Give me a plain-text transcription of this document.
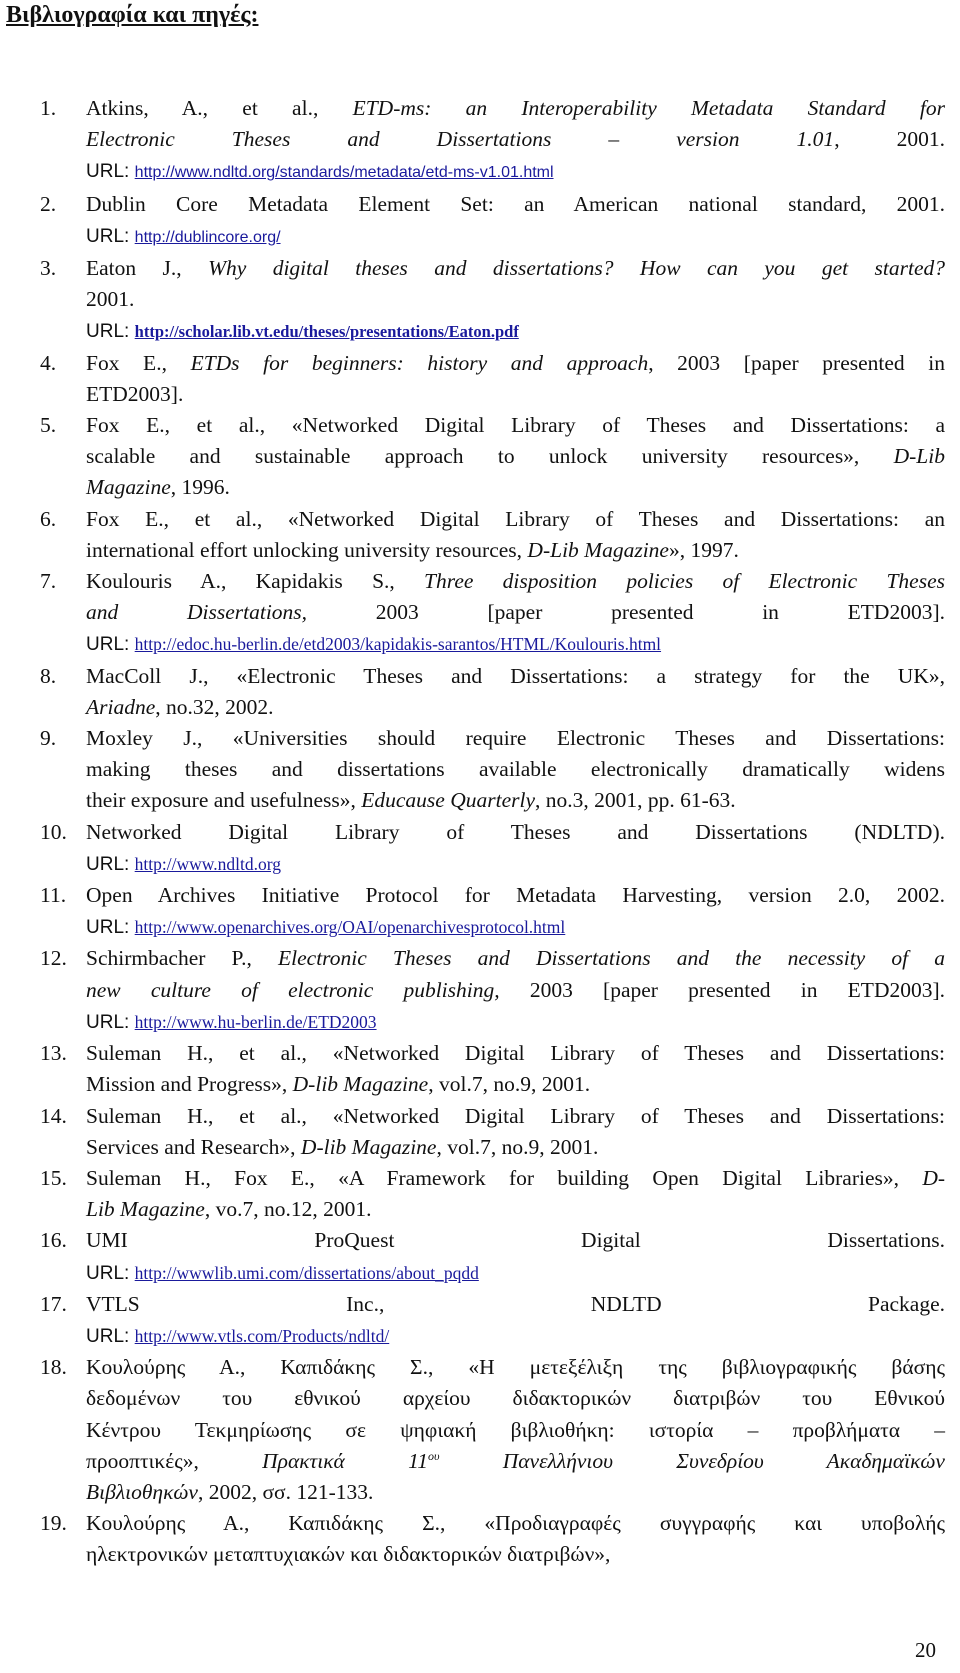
Βιβλιογραφία και πηγές:
1.	Atkins, A., et al., ETD-ms: an Interoperability Metadata Standard for
Electronic Theses and Dissertations – version 1.01, 2001.
URL: http://www.ndltd.org/standards/metadata/etd-ms-v1.01.html
2.	Dublin Core Metadata Element Set: an American national standard, 2001.
URL: http://dublincore.org/
3.	Eaton J., Why digital theses and dissertations? How can you get started?
2001.
URL: http://scholar.lib.vt.edu/theses/presentations/Eaton.pdf
4.	Fox E., ETDs for beginners: history and approach, 2003 [paper presented in
ETD2003].
5.	Fox E., et al., «Networked Digital Library of Theses and Dissertations: a
scalable and sustainable approach to unlock university resources», D-Lib
Magazine, 1996.
6.	Fox E., et al., «Networked Digital Library of Theses and Dissertations: an
international effort unlocking university resources, D-Lib Magazine», 1997.
7.	Koulouris A., Kapidakis S., Three disposition policies of Electronic Theses
and Dissertations, 2003 [paper presented in ETD2003].
URL: http://edoc.hu-berlin.de/etd2003/kapidakis-sarantos/HTML/Koulouris.html
8.	MacColl J., «Electronic Theses and Dissertations: a strategy for the UK»,
Ariadne, no.32, 2002.
9.	Moxley J., «Universities should require Electronic Theses and Dissertations:
making theses and dissertations available electronically dramatically widens
their exposure and usefulness», Educause Quarterly, no.3, 2001, pp. 61-63.
10. Networked Digital Library of Theses and Dissertations (NDLTD).
URL: http://www.ndltd.org
11. Open Archives Initiative Protocol for Metadata Harvesting, version 2.0, 2002.
URL: http://www.openarchives.org/OAI/openarchivesprotocol.html
12. Schirmbacher P., Electronic Theses and Dissertations and the necessity of a
new culture of electronic publishing, 2003 [paper presented in ETD2003].
URL: http://www.hu-berlin.de/ETD2003
13. Suleman H., et al., «Networked Digital Library of Theses and Dissertations:
Mission and Progress», D-lib Magazine, vol.7, no.9, 2001.
14. Suleman H., et al., «Networked Digital Library of Theses and Dissertations:
Services and Research», D-lib Magazine, vol.7, no.9, 2001.
15. Suleman H., Fox E., «A Framework for building Open Digital Libraries», D-
Lib Magazine, vo.7, no.12, 2001.
16. UMI ProQuest Digital Dissertations.
URL: http://wwwlib.umi.com/dissertations/about_pqdd
17. VTLS Inc., NDLTD Package.
URL: http://www.vtls.com/Products/ndltd/
18. Κουλούρης Α., Καπιδάκης Σ., «Η μετεξέλιξη της βιβλιογραφικής βάσης
δεδομένων του εθνικού αρχείου διδακτορικών διατριβών του Εθνικού
Κέντρου Τεκμηρίωσης σε ψηφιακή βιβλιοθήκη: ιστορία – προβλήματα –
προοπτικές», Πρακτικά $11^{o\upsilon}$ Πανελλήνιου Συνεδρίου Ακαδημαϊκών
Βιβλιοθηκών, 2002, σσ. 121-133.
19. Κουλούρης Α., Καπιδάκης Σ., «Προδιαγραφές συγγραφής και υποβολής
ηλεκτρονικών μεταπτυχιακών και διδακτορικών διατριβών»,
20
